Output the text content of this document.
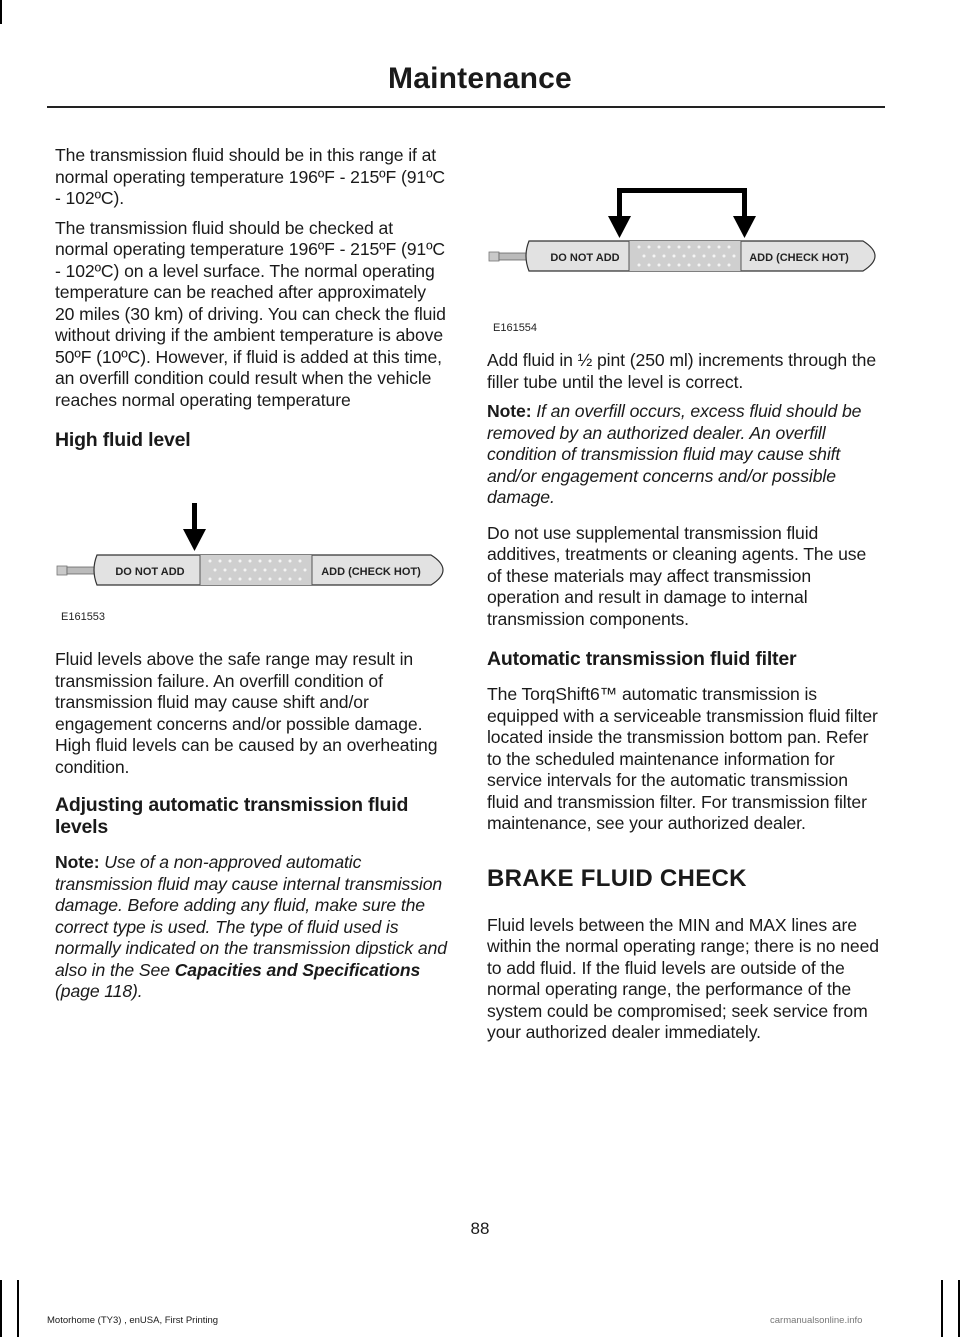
Maintenance

The transmission fluid should be in this range if at normal operating temperature 196ºF - 215ºF (91ºC - 102ºC).

The transmission fluid should be checked at normal operating temperature 196ºF - 215ºF (91ºC - 102ºC) on a level surface. The normal operating temperature can be reached after approximately 20 miles (30 km) of driving. You can check the fluid without driving if the ambient temperature is above 50ºF (10ºC). However, if fluid is added at this time, an overfill condition could result when the vehicle reaches normal operating temperature

High fluid level
DO NOT ADD	ADD (CHECK HOT)
E161553

Fluid levels above the safe range may result in transmission failure. An overfill condition of transmission fluid may cause shift and/or engagement concerns and/or possible damage. High fluid levels can be caused by an overheating condition.

Adjusting automatic transmission fluid levels

Note: Use of a non-approved automatic transmission fluid may cause internal transmission damage. Before adding any fluid, make sure the correct type is used. The type of fluid used is normally indicated on the transmission dipstick and also in the See Capacities and Specifications (page 118).

DO NOT ADD	ADD (CHECK HOT)
E161554

Add fluid in ½ pint (250 ml) increments through the filler tube until the level is correct.

Note: If an overfill occurs, excess fluid should be removed by an authorized dealer. An overfill condition of transmission fluid may cause shift and/or engagement concerns and/or possible damage.

Do not use supplemental transmission fluid additives, treatments or cleaning agents. The use of these materials may affect transmission operation and result in damage to internal transmission components.

Automatic transmission fluid filter

The TorqShift6™ automatic transmission is equipped with a serviceable transmission fluid filter located inside the transmission bottom pan. Refer to the scheduled maintenance information for service intervals for the automatic transmission fluid and transmission filter. For transmission filter maintenance, see your authorized dealer.

BRAKE FLUID CHECK

Fluid levels between the MIN and MAX lines are within the normal operating range; there is no need to add fluid. If the fluid levels are outside of the normal operating range, the performance of the system could be compromised; seek service from your authorized dealer immediately.

88
Motorhome (TY3) , enUSA, First Printing	carmanualsonline.info
